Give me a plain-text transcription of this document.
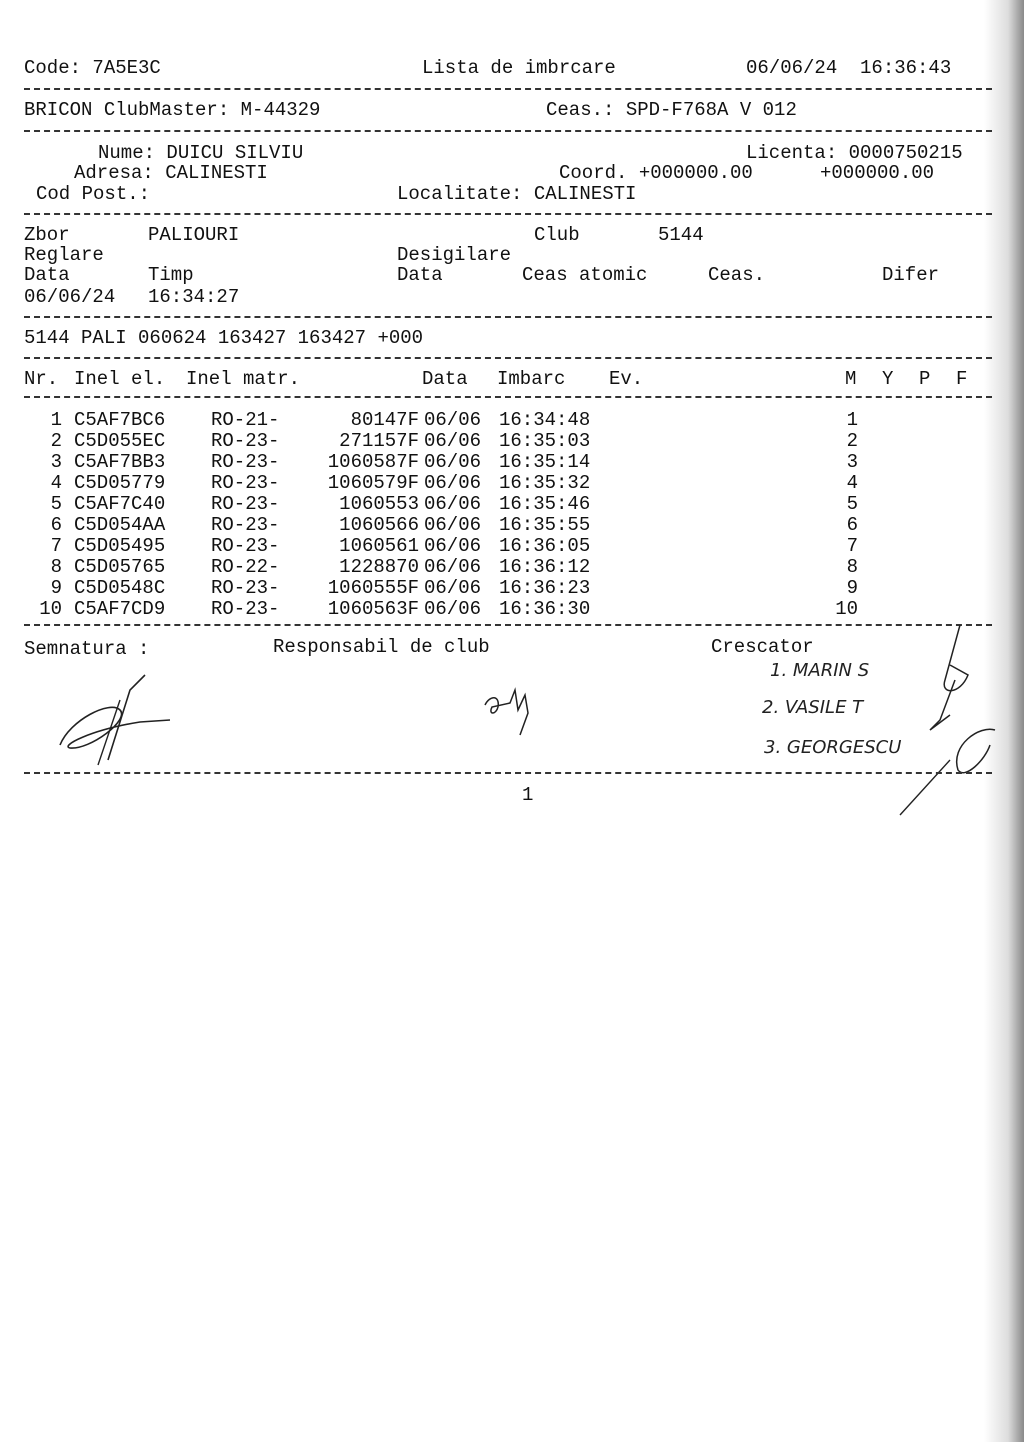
Code: 7A5E3C	Lista de imbrcare	06/06/24  16:36:43
BRICON ClubMaster: M-44329	Ceas.: SPD-F768A V 012
Nume: DUICU SILVIU	Licenta: 0000750215
Adresa: CALINESTI	Coord. +000000.00	+000000.00
Cod Post.:	Localitate: CALINESTI
Zbor	PALIOURI	Club	5144
Reglare	Desigilare
Data	Timp	Data	Ceas atomic	Ceas.	Difer
06/06/24 16:34:27
5144 PALI 060624 163427 163427 +000
Nr. Inel el. Inel matr.	Data Imbarc Ev.	M Y P F
1 C5AF7BC6 RO-21-	80147F 06/06 16:34:48	1
2 C5D055EC RO-23-	271157F 06/06 16:35:03	2
3 C5AF7BB3 RO-23-	1060587F 06/06 16:35:14	3
4 C5D05779 RO-23-	1060579F 06/06 16:35:32	4
5 C5AF7C40 RO-23-	1060553 06/06 16:35:46	5
6 C5D054AA RO-23-	1060566 06/06 16:35:55	6
7 C5D05495 RO-23-	1060561 06/06 16:36:05	7
8 C5D05765 RO-22-	1228870 06/06 16:36:12	8
9 C5D0548C RO-23-	1060555F 06/06 16:36:23	9
10 C5AF7CD9 RO-23-	1060563F 06/06 16:36:30	10
Semnatura :	Responsabil de club	Crescator
1. MARIN S
2. VASILE T
3. GEORGESCU
1
